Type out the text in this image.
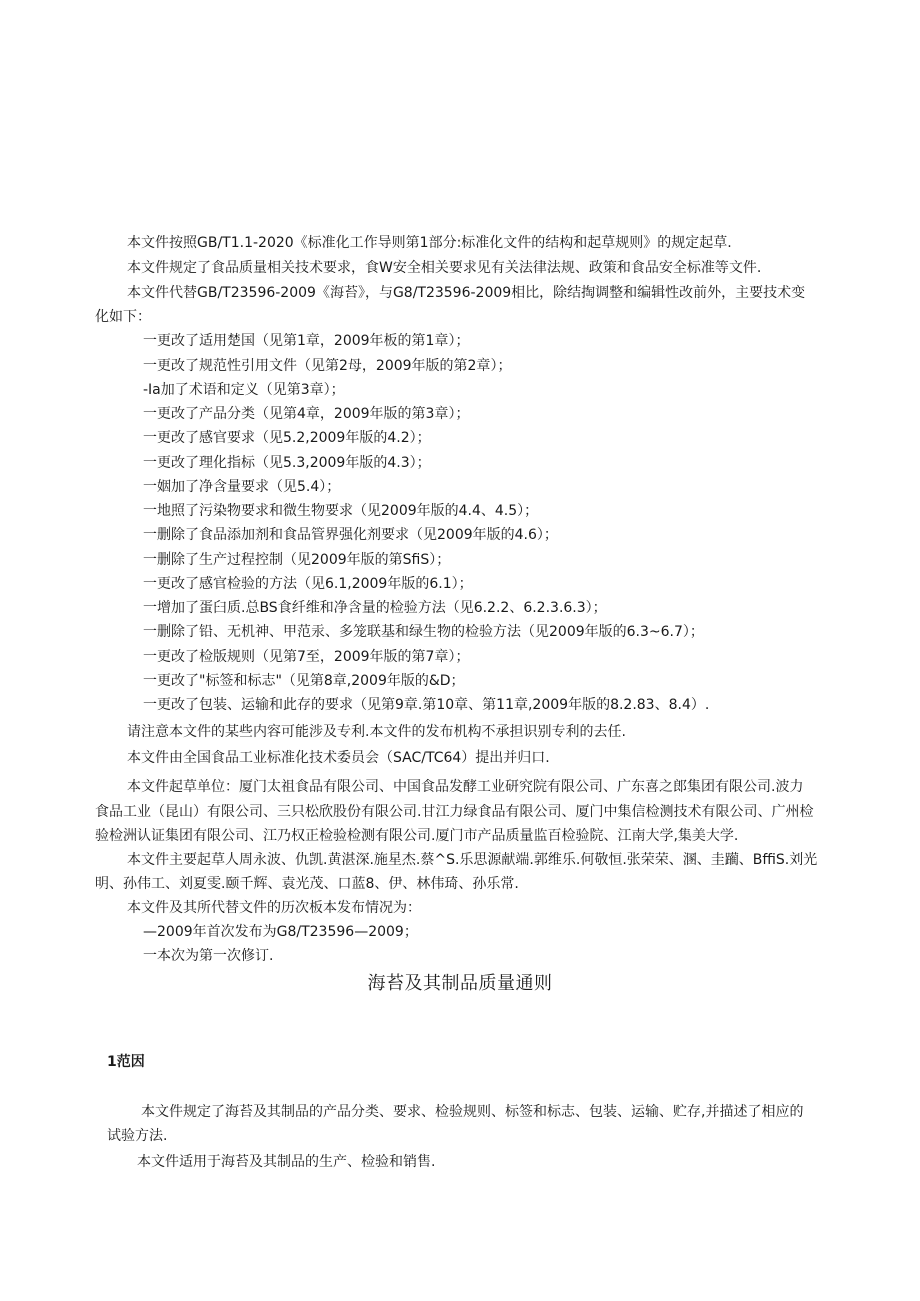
本文件按照GB/T1.1-2020《标准化工作导则第1部分:标准化文件的结构和起草规则》的规定起草.
本文件规定了食品质量相关技术要求，食W安全相关要求见有关法律法规、政策和食品安全标准等文件.
本文件代替GB/T23596-2009《海苔》，与G8/T23596-2009相比，除结掏调整和编辑性改前外，主要技术变
化如下：
一更改了适用楚国（见第1章，2009年板的第1章）；
一更改了规范性引用文件（见第2母，2009年版的第2章）；
-Ia加了术语和定义（见第3章）；
一更改了产品分类（见第4章，2009年版的第3章）；
一更改了感官要求（见5.2,2009年版的4.2）；
一更改了理化指标（见5.3,2009年版的4.3）；
一姻加了净含量要求（见5.4）；
一地照了污染物要求和微生物要求（见2009年版的4.4、4.5）；
一删除了食品添加剂和食品管界强化剂要求（见2009年版的4.6）；
一删除了生产过程控制（见2009年版的第SfiS）；
一更改了感官检验的方法（见6.1,2009年版的6.1）；
一增加了蛋臼质.总BS食纤维和净含量的检验方法（见6.2.2、6.2.3.6.3）；
一删除了铅、无机神、甲范汞、多笼联基和绿生物的检验方法（见2009年版的6.3~6.7）；
一更改了检版规则（见第7至，2009年版的第7章）；
一更改了"标签和标志"（见第8章,2009年版的&D；
一更改了包装、运输和此存的要求（见第9章.第10章、第11章,2009年版的8.2.83、8.4）.
请注意本文件的某些内容可能涉及专利.本文件的发布机构不承担识别专利的去任.
本文件由全国食品工业标准化技术委员会（SAC/TC64）提出并归口.
本文件起草单位：厦门太祖食品有限公司、中国食品发酵工业研究院有限公司、广东喜之郎集团有限公司.波力
食品工业（昆山）有限公司、三只松欣股份有限公司.甘江力绿食品有限公司、厦门中集信检测技术有限公司、广州检
验检洲认证集团有限公司、江乃权正检验检测有限公司.厦门市产品质量监百检验院、江南大学,集美大学.
本文件主要起草人周永波、仇凯.黄湛深.施星杰.蔡^S.乐思源献端.郭维乐.何敬恒.张荣荣、溷、圭躏、BffiS.刘光
明、孙伟工、刘夏雯.颐千辉、袁光茂、口蓝8、伊、林伟琦、孙乐常.
本文件及其所代替文件的历次板本发布情况为：
—2009年首次发布为G8/T23596—2009；
一本次为第一次修订.
海苔及其制品质量通则
1范因
本文件规定了海苔及其制品的产品分类、要求、检验规则、标签和标志、包装、运输、贮存,并描述了相应的
试验方法.
本文件适用于海苔及其制品的生产、检验和销售.
